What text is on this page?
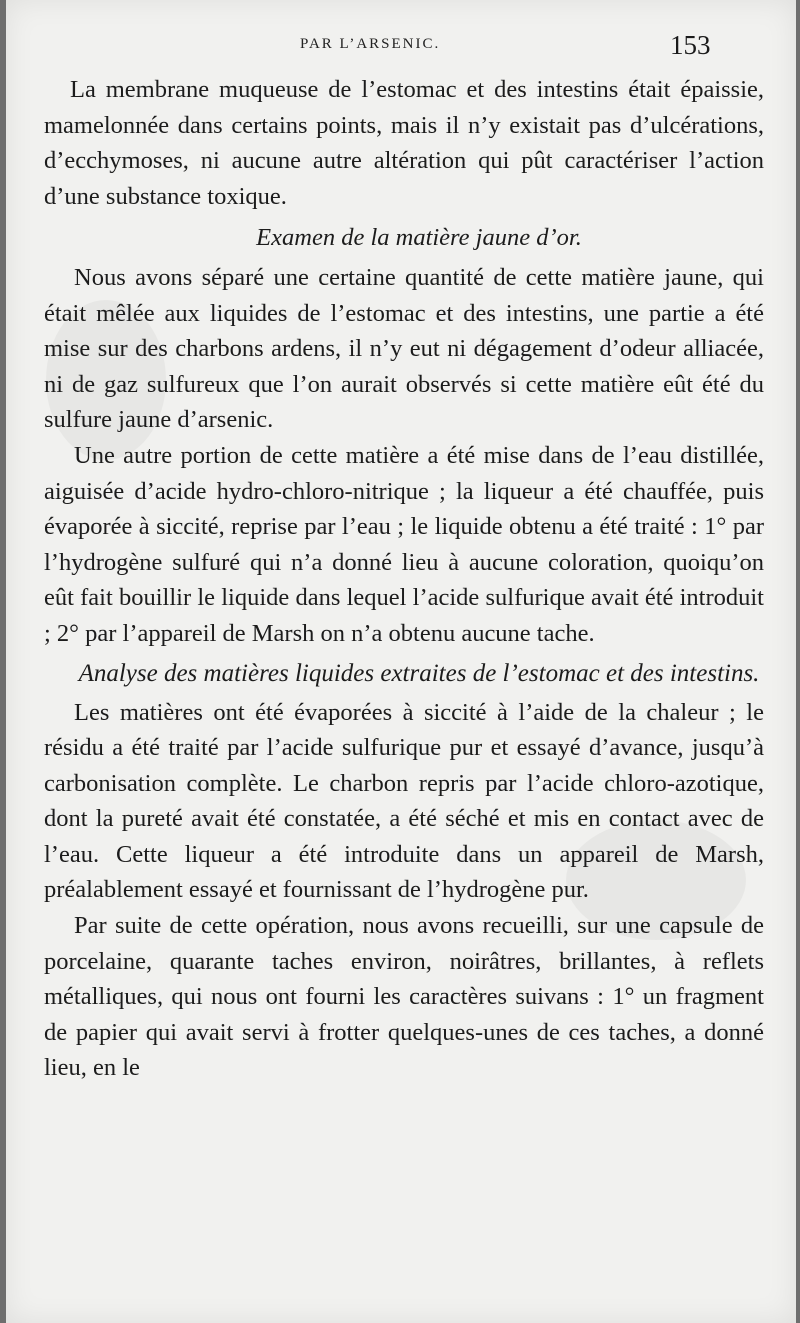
PAR L’ARSENIC.	153

La membrane muqueuse de l’estomac et des intestins était épaissie, mamelonnée dans certains points, mais il n’y existait pas d’ulcérations, d’ecchymoses, ni aucune autre altération qui pût caractériser l’action d’une substance toxique.

Examen de la matière jaune d’or.

Nous avons séparé une certaine quantité de cette matière jaune, qui était mêlée aux liquides de l’estomac et des intestins, une partie a été mise sur des charbons ardens, il n’y eut ni dégagement d’odeur alliacée, ni de gaz sulfureux que l’on aurait observés si cette matière eût été du sulfure jaune d’arsenic.

Une autre portion de cette matière a été mise dans de l’eau distillée, aiguisée d’acide hydro-chloro-nitrique ; la liqueur a été chauffée, puis évaporée à siccité, reprise par l’eau ; le liquide obtenu a été traité : 1° par l’hydrogène sulfuré qui n’a donné lieu à aucune coloration, quoiqu’on eût fait bouillir le liquide dans lequel l’acide sulfurique avait été introduit ; 2° par l’appareil de Marsh on n’a obtenu aucune tache.

Analyse des matières liquides extraites de l’estomac et des intestins.

Les matières ont été évaporées à siccité à l’aide de la chaleur ; le résidu a été traité par l’acide sulfurique pur et essayé d’avance, jusqu’à carbonisation complète. Le charbon repris par l’acide chloro-azotique, dont la pureté avait été constatée, a été séché et mis en contact avec de l’eau. Cette liqueur a été introduite dans un appareil de Marsh, préalablement essayé et fournissant de l’hydrogène pur.

Par suite de cette opération, nous avons recueilli, sur une capsule de porcelaine, quarante taches environ, noirâtres, brillantes, à reflets métalliques, qui nous ont fourni les caractères suivans : 1° un fragment de papier qui avait servi à frotter quelques-unes de ces taches, a donné lieu, en le
